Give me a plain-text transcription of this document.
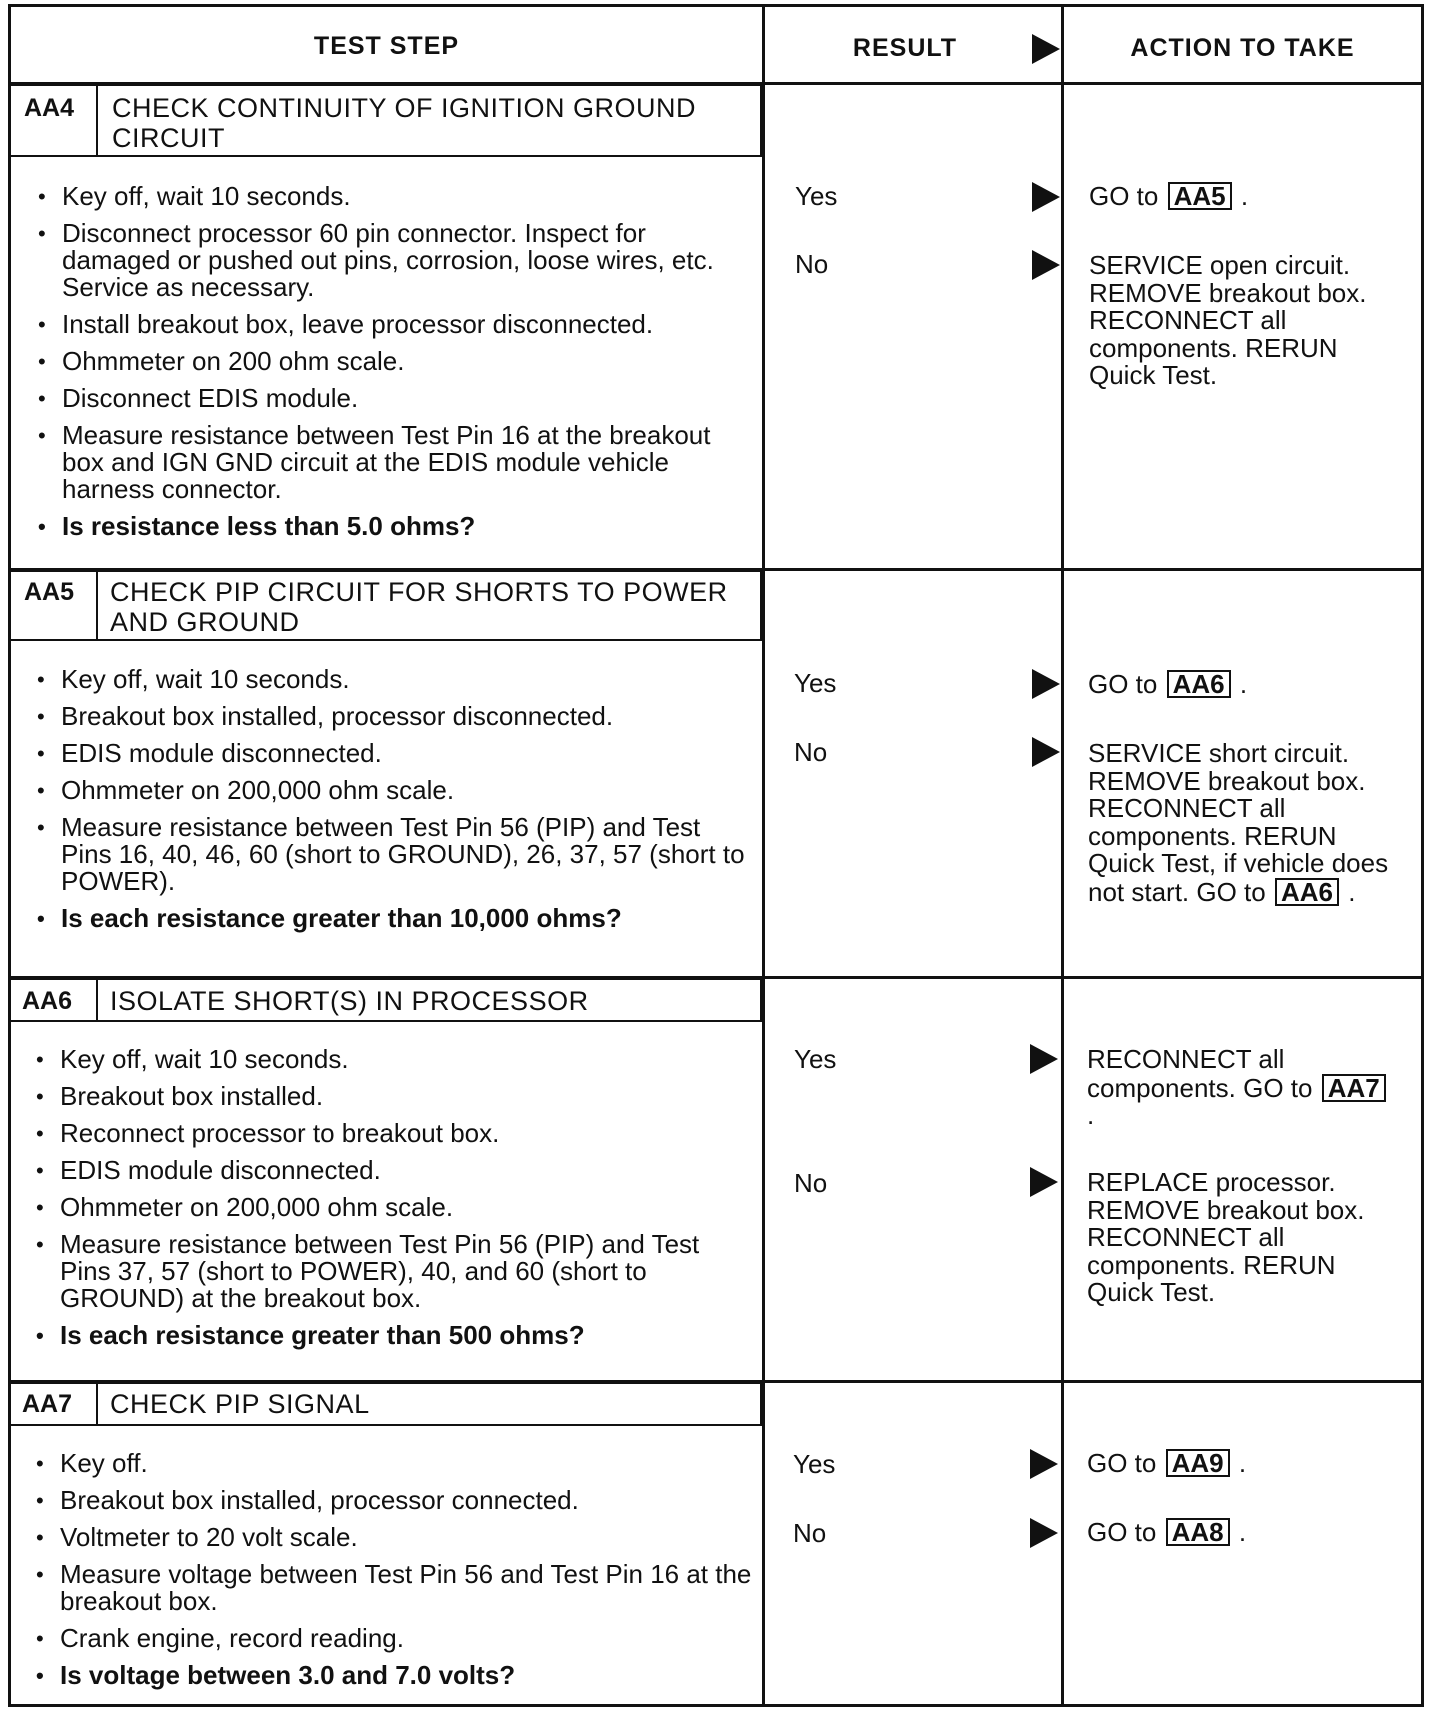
TEST STEP	RESULT	ACTION TO TAKE
AA4 CHECK CONTINUITY OF IGNITION GROUND
CIRCUIT
• Key off, wait 10 seconds.
• Disconnect processor 60 pin connector. Inspect for damaged or pushed out pins, corrosion, loose wires, etc. Service as necessary.
• Install breakout box, leave processor disconnected.
• Ohmmeter on 200 ohm scale.
• Disconnect EDIS module.
• Measure resistance between Test Pin 16 at the breakout box and IGN GND circuit at the EDIS module vehicle harness connector.
• Is resistance less than 5.0 ohms?
Yes	GO to AA5 .
No	SERVICE open circuit. REMOVE breakout box. RECONNECT all components. RERUN Quick Test.
AA5 CHECK PIP CIRCUIT FOR SHORTS TO POWER
AND GROUND
• Key off, wait 10 seconds.
• Breakout box installed, processor disconnected.
• EDIS module disconnected.
• Ohmmeter on 200,000 ohm scale.
• Measure resistance between Test Pin 56 (PIP) and Test Pins 16, 40, 46, 60 (short to GROUND), 26, 37, 57 (short to POWER).
• Is each resistance greater than 10,000 ohms?
Yes	GO to AA6 .
No	SERVICE short circuit. REMOVE breakout box. RECONNECT all components. RERUN Quick Test, if vehicle does not start. GO to AA6 .
AA6 ISOLATE SHORT(S) IN PROCESSOR
• Key off, wait 10 seconds.
• Breakout box installed.
• Reconnect processor to breakout box.
• EDIS module disconnected.
• Ohmmeter on 200,000 ohm scale.
• Measure resistance between Test Pin 56 (PIP) and Test Pins 37, 57 (short to POWER), 40, and 60 (short to GROUND) at the breakout box.
• Is each resistance greater than 500 ohms?
Yes	RECONNECT all components. GO to AA7 .
No	REPLACE processor. REMOVE breakout box. RECONNECT all components. RERUN Quick Test.
AA7 CHECK PIP SIGNAL
• Key off.
• Breakout box installed, processor connected.
• Voltmeter to 20 volt scale.
• Measure voltage between Test Pin 56 and Test Pin 16 at the breakout box.
• Crank engine, record reading.
• Is voltage between 3.0 and 7.0 volts?
Yes	GO to AA9 .
No	GO to AA8 .
